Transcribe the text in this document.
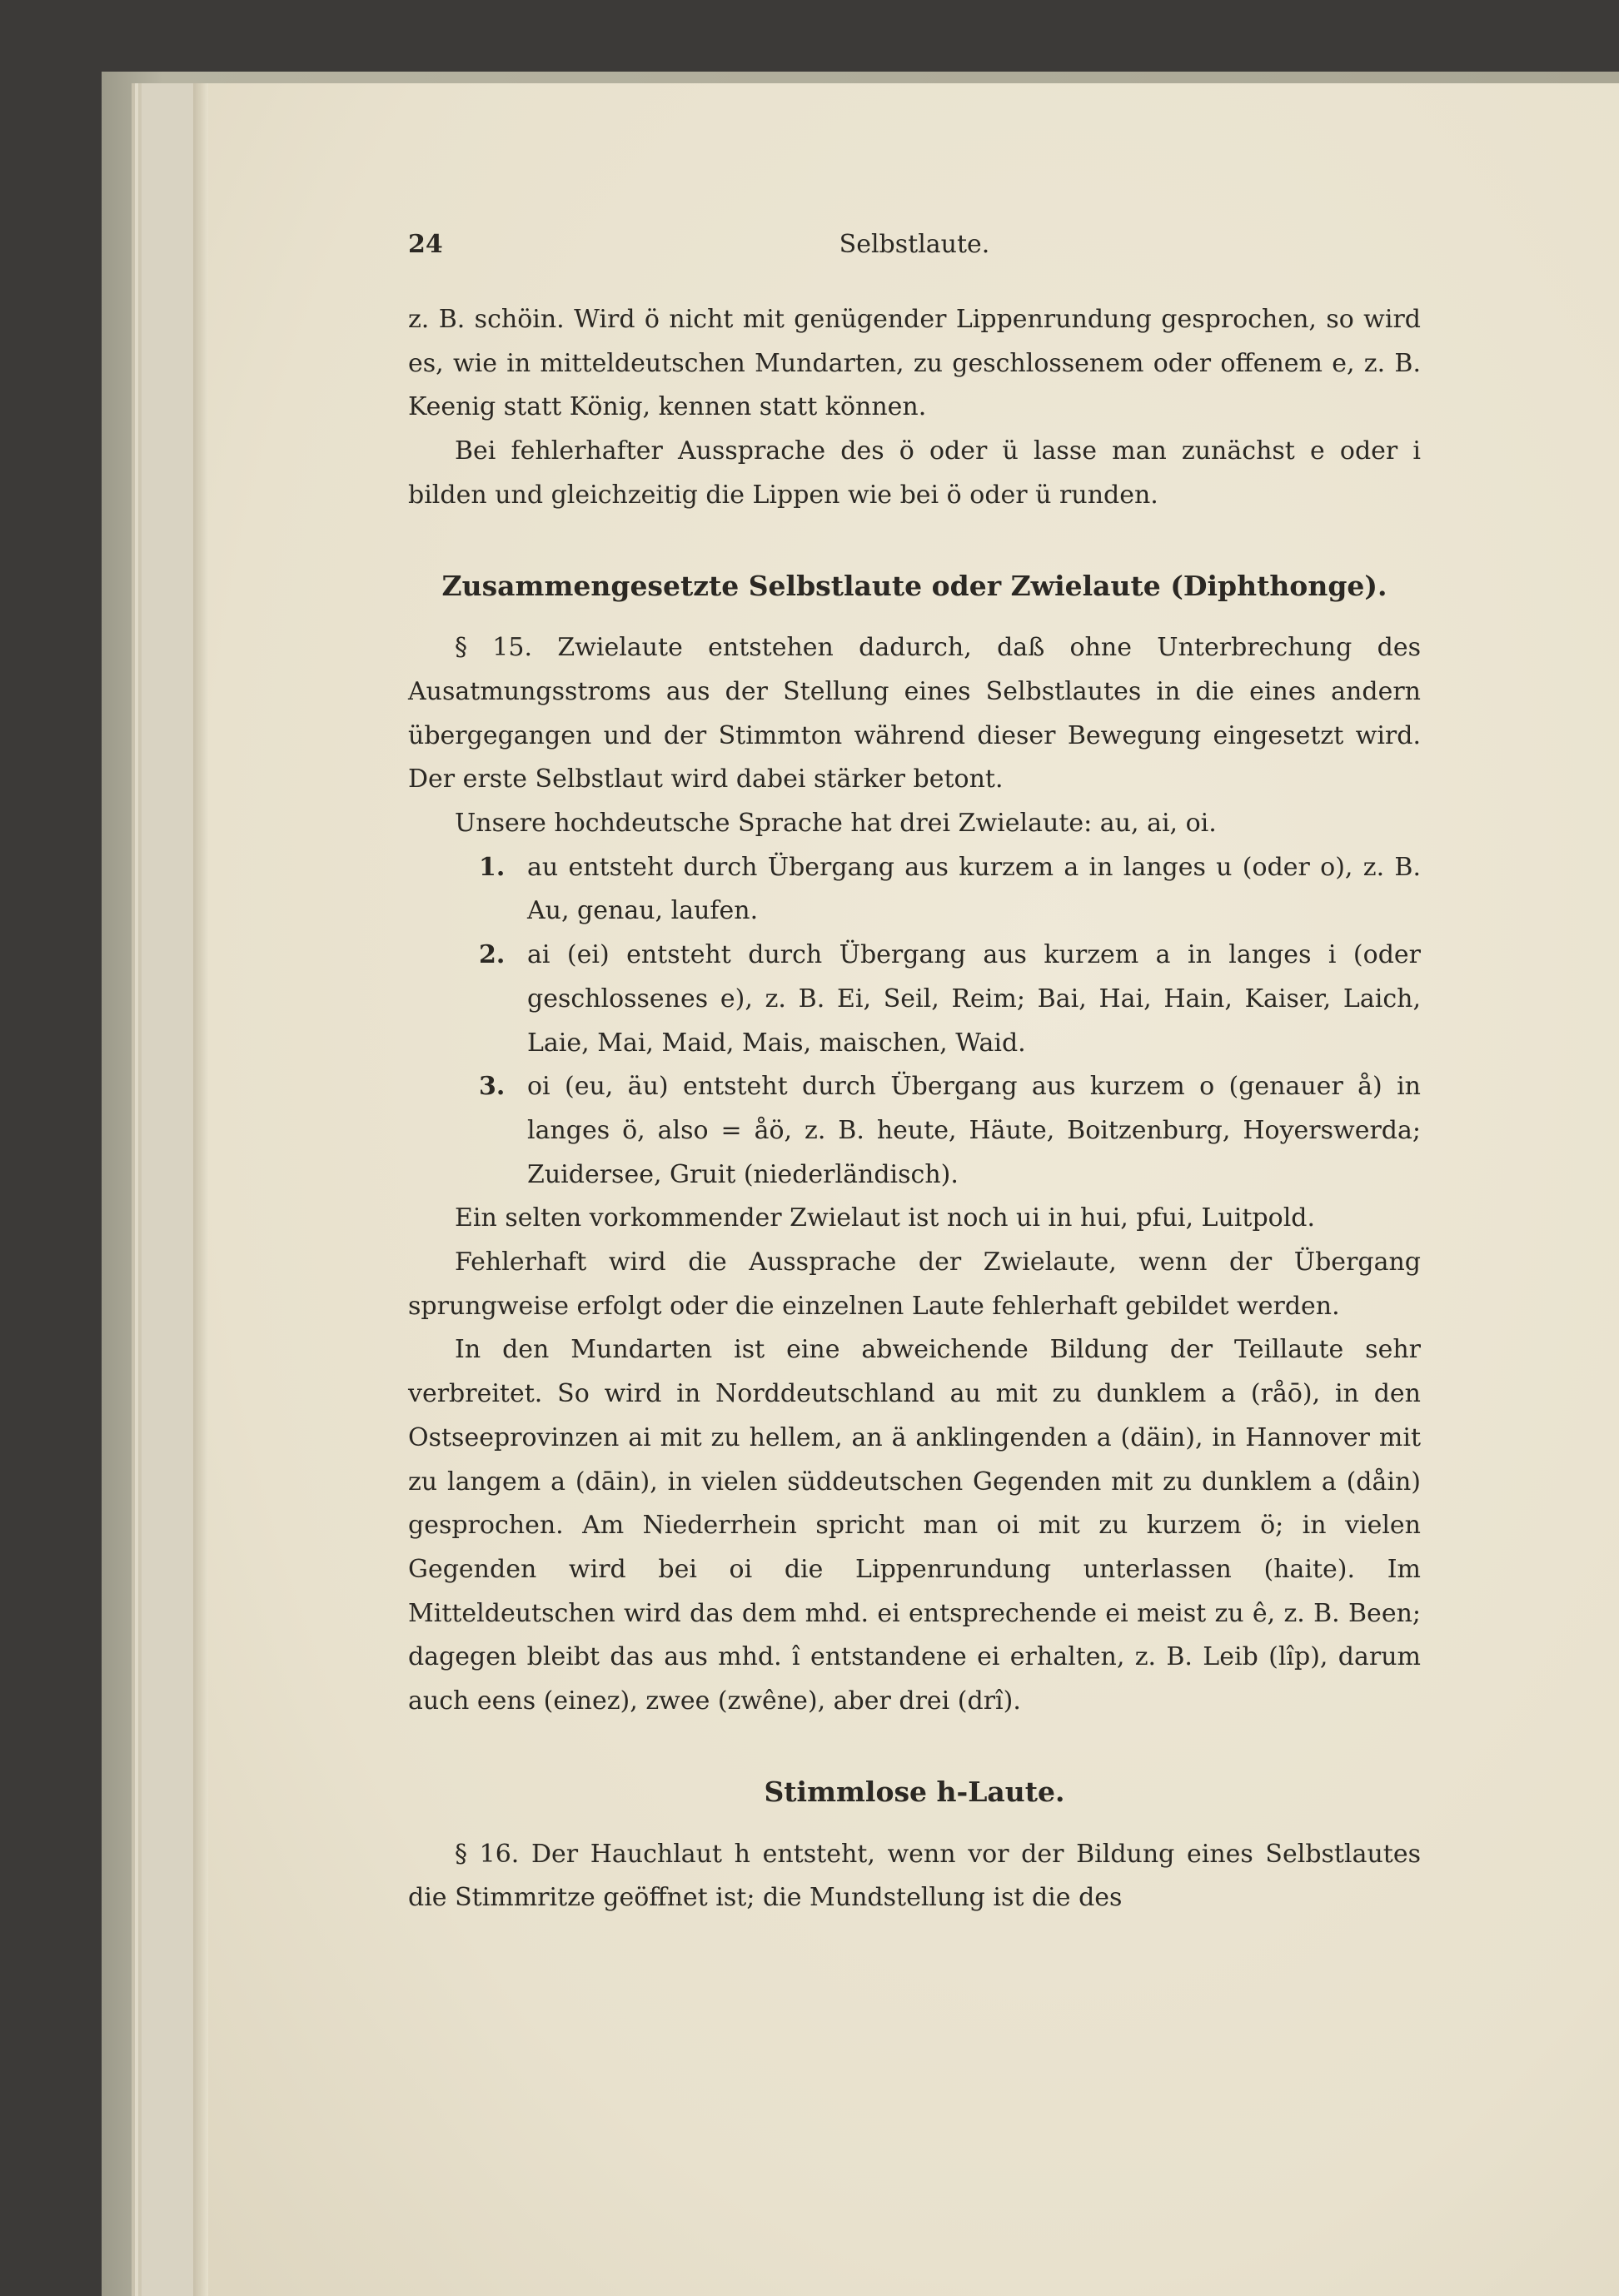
24	Selbstlaute.

z. B. schöin. Wird ö nicht mit genügender Lippenrundung gesprochen, so wird es, wie in mitteldeutschen Mundarten, zu geschlossenem oder offenem e, z. B. Keenig statt König, kennen statt können.

Bei fehlerhafter Aussprache des ö oder ü lasse man zunächst e oder i bilden und gleichzeitig die Lippen wie bei ö oder ü runden.

Zusammengesetzte Selbstlaute oder Zwielaute (Diphthonge).

§ 15. Zwielaute entstehen dadurch, daß ohne Unterbrechung des Ausatmungsstroms aus der Stellung eines Selbstlautes in die eines andern übergegangen und der Stimmton während dieser Bewegung eingesetzt wird. Der erste Selbstlaut wird dabei stärker betont.

Unsere hochdeutsche Sprache hat drei Zwielaute: au, ai, oi.

1. au entsteht durch Übergang aus kurzem a in langes u (oder o), z. B. Au, genau, laufen.

2. ai (ei) entsteht durch Übergang aus kurzem a in langes i (oder geschlossenes e), z. B. Ei, Seil, Reim; Bai, Hai, Hain, Kaiser, Laich, Laie, Mai, Maid, Mais, maischen, Waid.

3. oi (eu, äu) entsteht durch Übergang aus kurzem o (genauer å) in langes ö, also = åö, z. B. heute, Häute, Boitzenburg, Hoyerswerda; Zuidersee, Gruit (niederländisch).

Ein selten vorkommender Zwielaut ist noch ui in hui, pfui, Luitpold.

Fehlerhaft wird die Aussprache der Zwielaute, wenn der Übergang sprungweise erfolgt oder die einzelnen Laute fehlerhaft gebildet werden.

In den Mundarten ist eine abweichende Bildung der Teillaute sehr verbreitet. So wird in Norddeutschland au mit zu dunklem a (råō), in den Ostseeprovinzen ai mit zu hellem, an ä anklingenden a (däin), in Hannover mit zu langem a (dāin), in vielen süddeutschen Gegenden mit zu dunklem a (dåin) gesprochen. Am Niederrhein spricht man oi mit zu kurzem ö; in vielen Gegenden wird bei oi die Lippenrundung unterlassen (haite). Im Mitteldeutschen wird das dem mhd. ei entsprechende ei meist zu ê, z. B. Been; dagegen bleibt das aus mhd. î entstandene ei erhalten, z. B. Leib (lîp), darum auch eens (einez), zwee (zwêne), aber drei (drî).

Stimmlose h-Laute.

§ 16. Der Hauchlaut h entsteht, wenn vor der Bildung eines Selbstlautes die Stimmritze geöffnet ist; die Mundstellung ist die des
